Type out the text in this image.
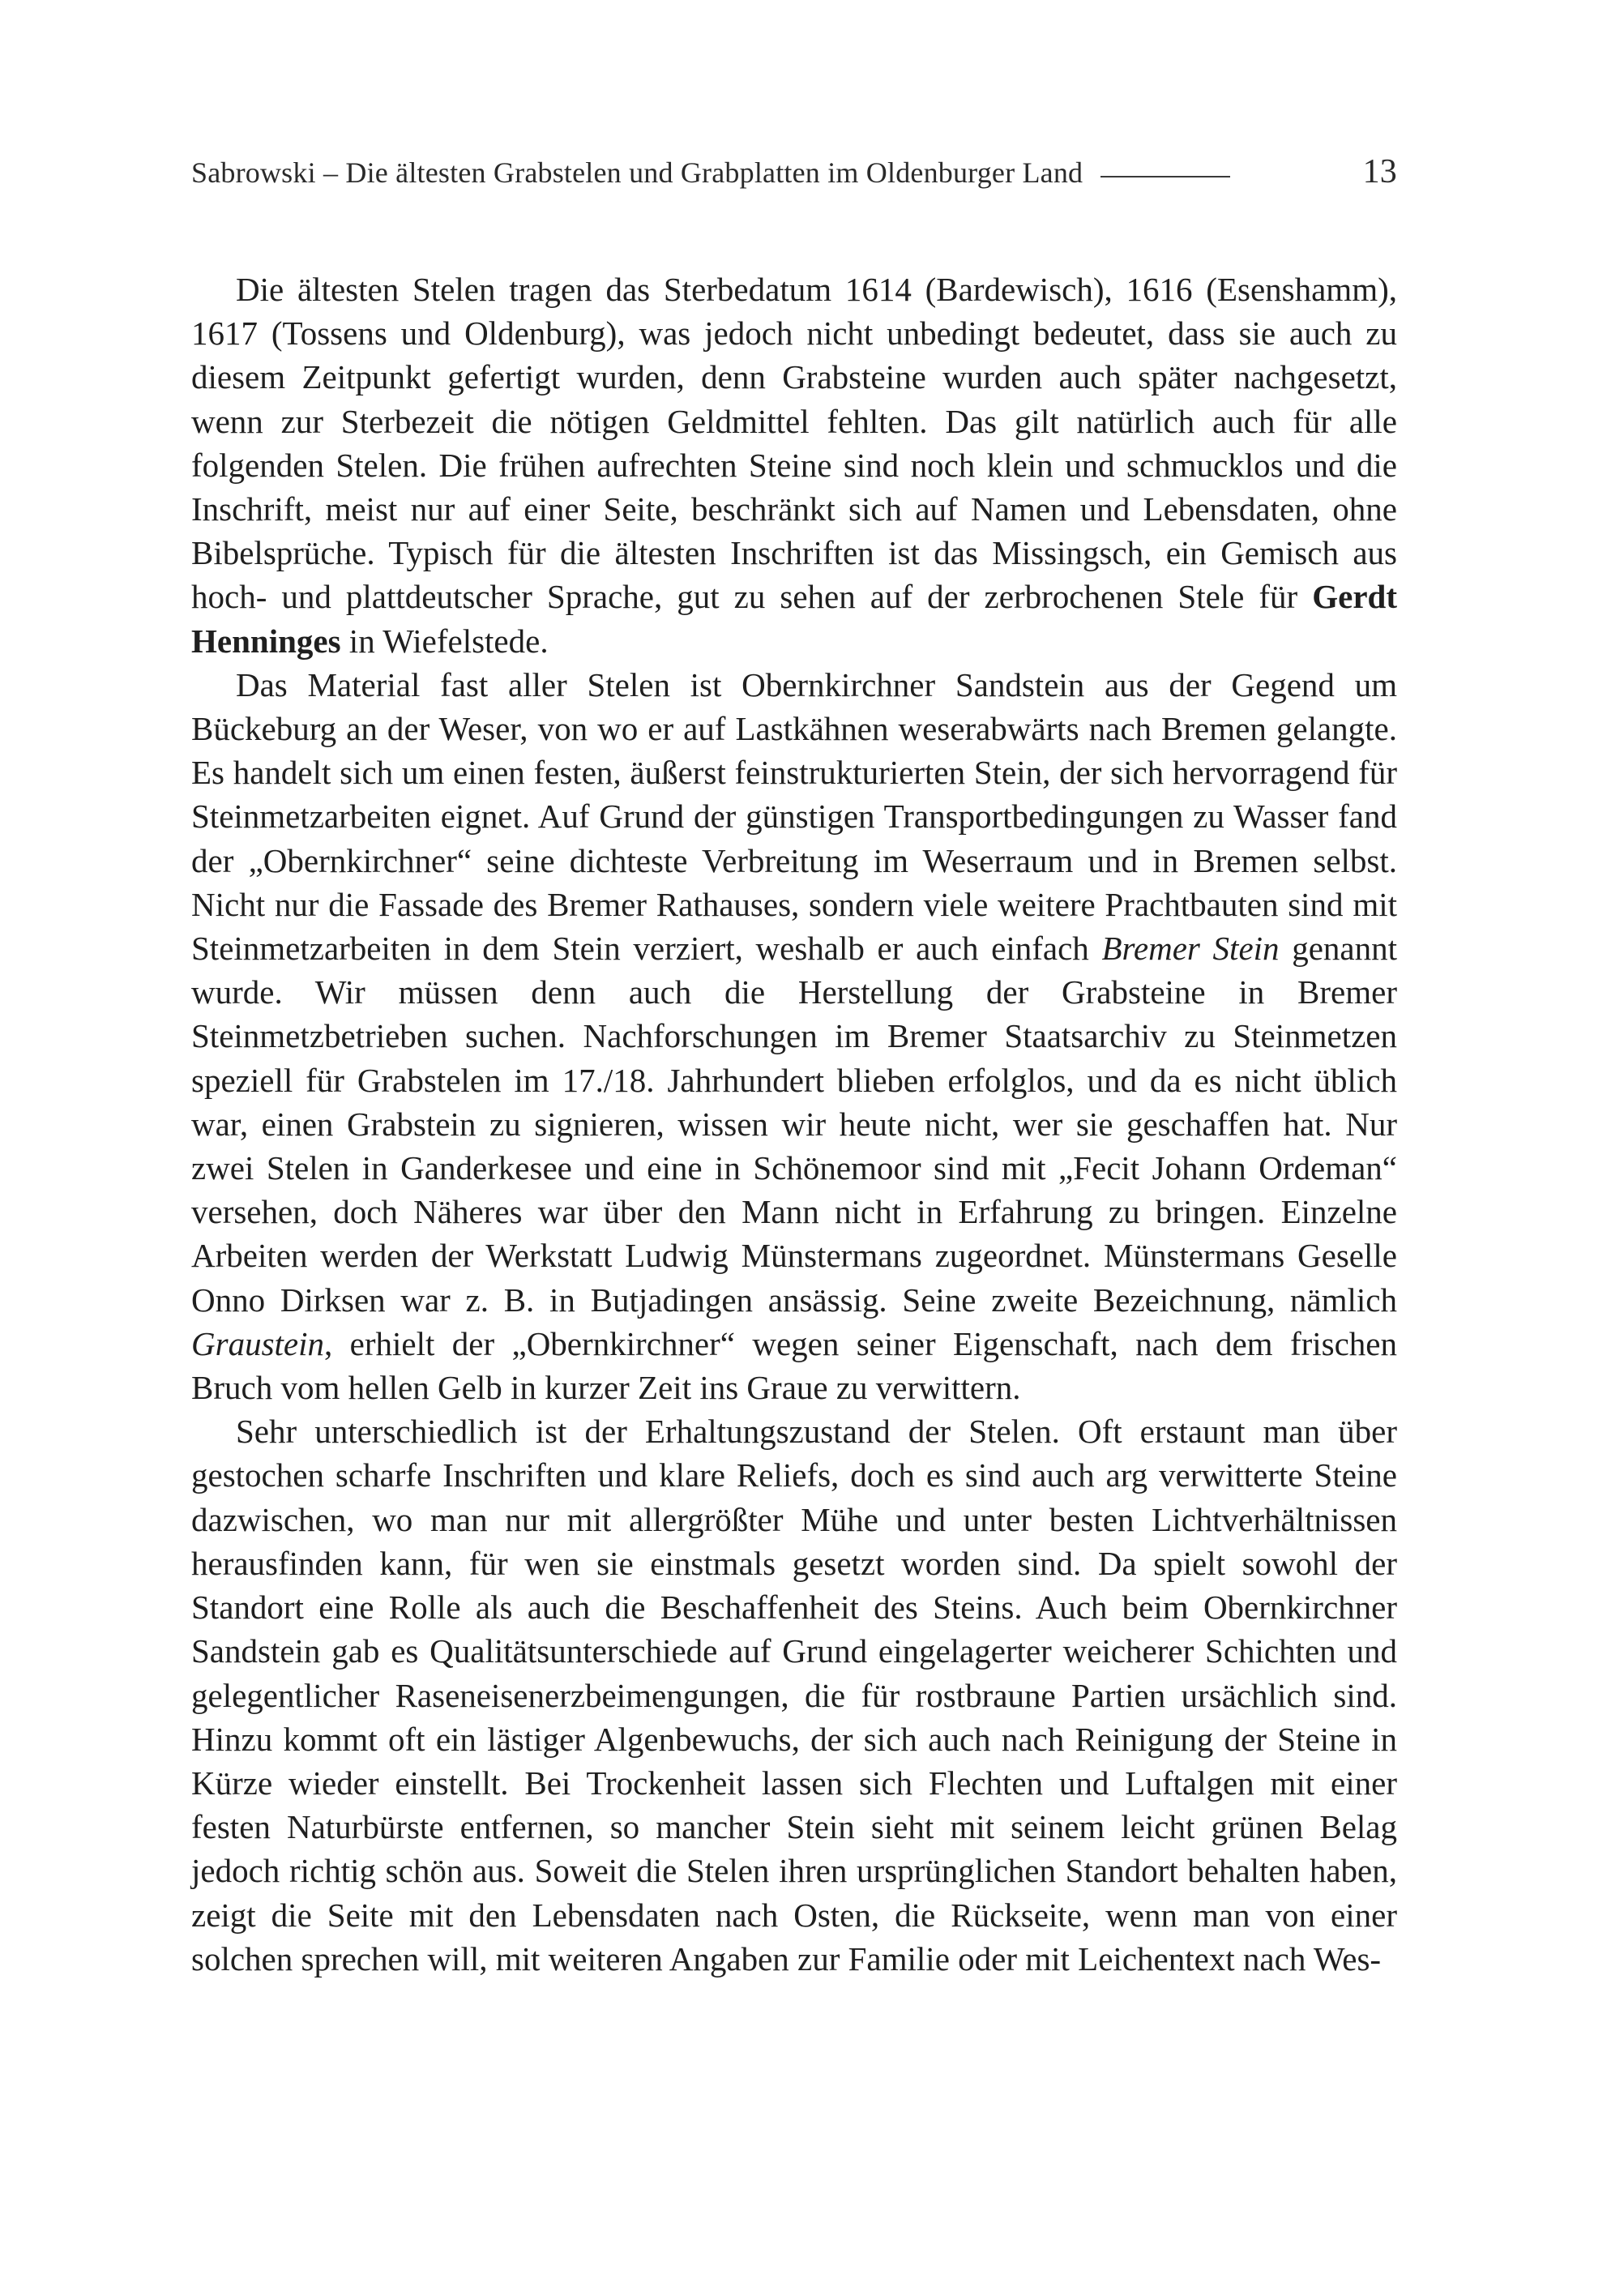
Sabrowski – Die ältesten Grabstelen und Grabplatten im Oldenburger Land	13

Die ältesten Stelen tragen das Sterbedatum 1614 (Bardewisch), 1616 (Esenshamm), 1617 (Tossens und Oldenburg), was jedoch nicht unbedingt bedeutet, dass sie auch zu diesem Zeitpunkt gefertigt wurden, denn Grabsteine wurden auch später nachgesetzt, wenn zur Sterbezeit die nötigen Geldmittel fehlten. Das gilt natürlich auch für alle folgenden Stelen. Die frühen aufrechten Steine sind noch klein und schmucklos und die Inschrift, meist nur auf einer Seite, beschränkt sich auf Namen und Lebensdaten, ohne Bibelsprüche. Typisch für die ältesten Inschriften ist das Missingsch, ein Gemisch aus hoch- und plattdeutscher Sprache, gut zu sehen auf der zerbrochenen Stele für Gerdt Henninges in Wiefelstede.

Das Material fast aller Stelen ist Obernkirchner Sandstein aus der Gegend um Bückeburg an der Weser, von wo er auf Lastkähnen weserabwärts nach Bremen gelangte. Es handelt sich um einen festen, äußerst feinstrukturierten Stein, der sich hervorragend für Steinmetzarbeiten eignet. Auf Grund der günstigen Transportbedingungen zu Wasser fand der „Obernkirchner“ seine dichteste Verbreitung im Weserraum und in Bremen selbst. Nicht nur die Fassade des Bremer Rathauses, sondern viele weitere Prachtbauten sind mit Steinmetzarbeiten in dem Stein verziert, weshalb er auch einfach Bremer Stein genannt wurde. Wir müssen denn auch die Herstellung der Grabsteine in Bremer Steinmetzbetrieben suchen. Nachforschungen im Bremer Staatsarchiv zu Steinmetzen speziell für Grabstelen im 17./18. Jahrhundert blieben erfolglos, und da es nicht üblich war, einen Grabstein zu signieren, wissen wir heute nicht, wer sie geschaffen hat. Nur zwei Stelen in Ganderkesee und eine in Schönemoor sind mit „Fecit Johann Ordeman“ versehen, doch Näheres war über den Mann nicht in Erfahrung zu bringen. Einzelne Arbeiten werden der Werkstatt Ludwig Münstermans zugeordnet. Münstermans Geselle Onno Dirksen war z. B. in Butjadingen ansässig. Seine zweite Bezeichnung, nämlich Graustein, erhielt der „Obernkirchner“ wegen seiner Eigenschaft, nach dem frischen Bruch vom hellen Gelb in kurzer Zeit ins Graue zu verwittern.

Sehr unterschiedlich ist der Erhaltungszustand der Stelen. Oft erstaunt man über gestochen scharfe Inschriften und klare Reliefs, doch es sind auch arg verwitterte Steine dazwischen, wo man nur mit allergrößter Mühe und unter besten Lichtverhältnissen herausfinden kann, für wen sie einstmals gesetzt worden sind. Da spielt sowohl der Standort eine Rolle als auch die Beschaffenheit des Steins. Auch beim Obernkirchner Sandstein gab es Qualitätsunterschiede auf Grund eingelagerter weicherer Schichten und gelegentlicher Raseneisenerzbeimengungen, die für rostbraune Partien ursächlich sind. Hinzu kommt oft ein lästiger Algenbewuchs, der sich auch nach Reinigung der Steine in Kürze wieder einstellt. Bei Trockenheit lassen sich Flechten und Luftalgen mit einer festen Naturbürste entfernen, so mancher Stein sieht mit seinem leicht grünen Belag jedoch richtig schön aus. Soweit die Stelen ihren ursprünglichen Standort behalten haben, zeigt die Seite mit den Lebensdaten nach Osten, die Rückseite, wenn man von einer solchen sprechen will, mit weiteren Angaben zur Familie oder mit Leichentext nach Wes-
